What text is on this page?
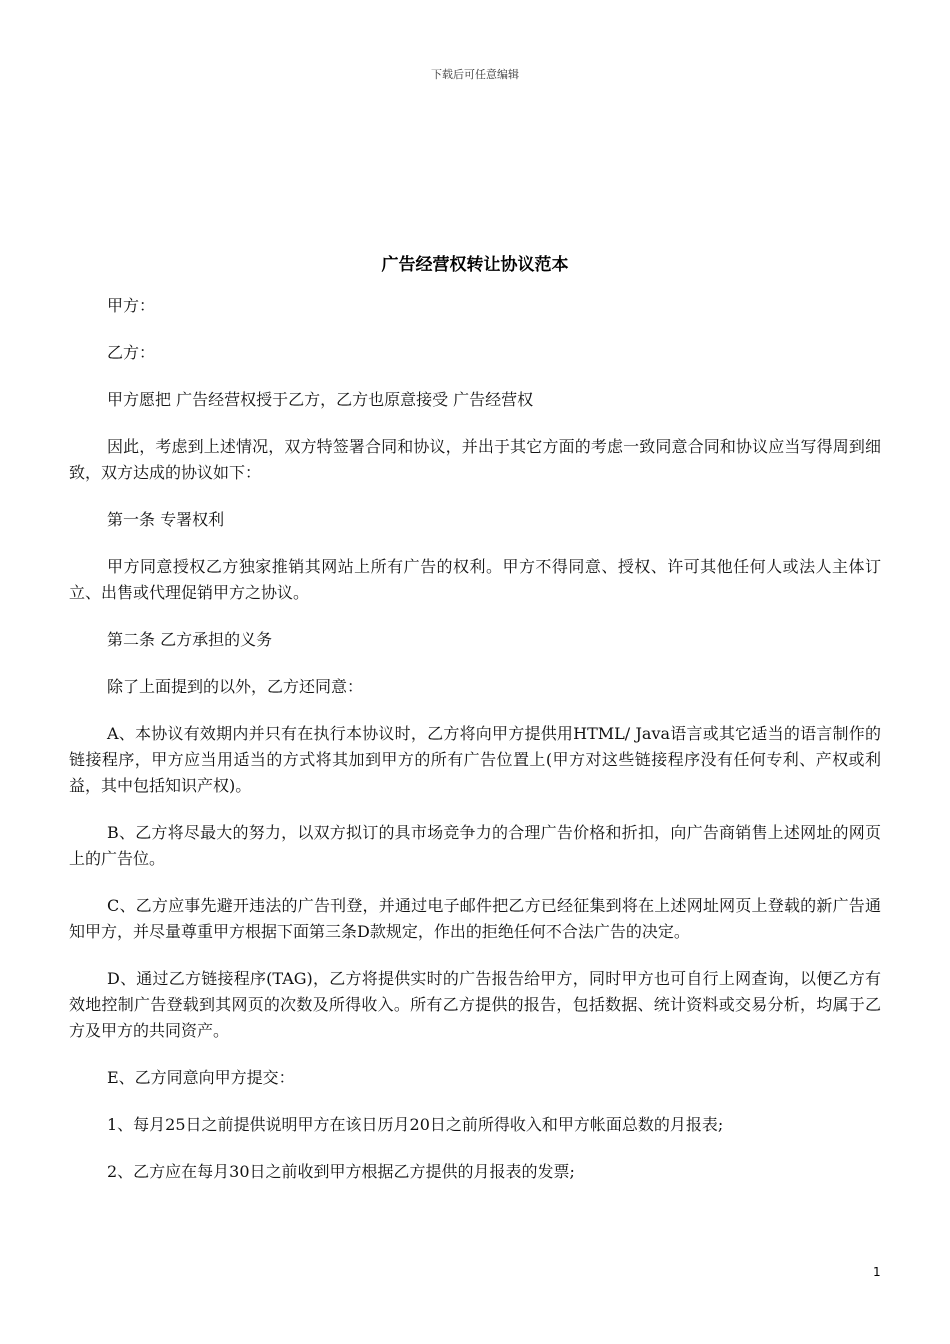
下载后可任意编辑
广告经营权转让协议范本

甲方：

乙方：

甲方愿把 广告经营权授于乙方，乙方也原意接受 广告经营权

因此，考虑到上述情况，双方特签署合同和协议，并出于其它方面的考虑一致同意合同和协议应当写得周到细致，双方达成的协议如下：

第一条 专署权利

甲方同意授权乙方独家推销其网站上所有广告的权利。甲方不得同意、授权、许可其他任何人或法人主体订立、出售或代理促销甲方之协议。

第二条 乙方承担的义务

除了上面提到的以外，乙方还同意：

A、本协议有效期内并只有在执行本协议时，乙方将向甲方提供用HTML/ Java语言或其它适当的语言制作的链接程序，甲方应当用适当的方式将其加到甲方的所有广告位置上(甲方对这些链接程序没有任何专利、产权或利益，其中包括知识产权)。

B、乙方将尽最大的努力，以双方拟订的具市场竞争力的合理广告价格和折扣，向广告商销售上述网址的网页上的广告位。

C、乙方应事先避开违法的广告刊登，并通过电子邮件把乙方已经征集到将在上述网址网页上登载的新广告通知甲方，并尽量尊重甲方根据下面第三条D款规定，作出的拒绝任何不合法广告的决定。

D、通过乙方链接程序(TAG)，乙方将提供实时的广告报告给甲方，同时甲方也可自行上网查询，以便乙方有效地控制广告登载到其网页的次数及所得收入。所有乙方提供的报告，包括数据、统计资料或交易分析，均属于乙方及甲方的共同资产。

E、乙方同意向甲方提交：

1、每月25日之前提供说明甲方在该日历月20日之前所得收入和甲方帐面总数的月报表;

2、乙方应在每月30日之前收到甲方根据乙方提供的月报表的发票;

1
